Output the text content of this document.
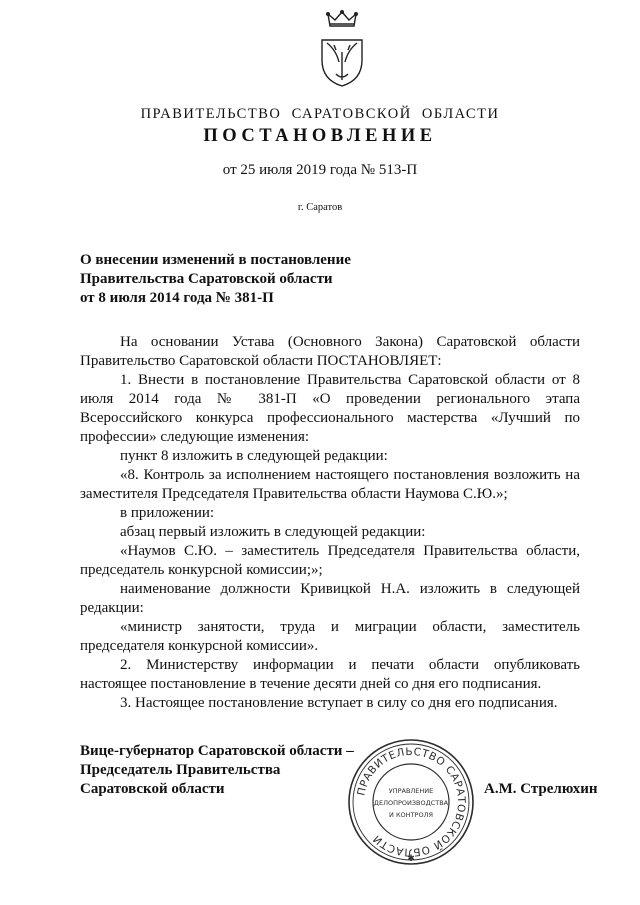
ПРАВИТЕЛЬСТВО  САРАТОВСКОЙ  ОБЛАСТИ
ПОСТАНОВЛЕНИЕ
от 25 июля 2019 года № 513-П
г. Саратов
О внесении изменений в постановление
Правительства Саратовской области
от 8 июля 2014 года № 381-П

На основании Устава (Основного Закона) Саратовской области Правительство Саратовской области ПОСТАНОВЛЯЕТ:

1. Внести в постановление Правительства Саратовской области от 8 июля 2014 года № 381-П «О проведении регионального этапа Всероссийского конкурса профессионального мастерства «Лучший по профессии» следующие изменения:

пункт 8 изложить в следующей редакции:

«8. Контроль за исполнением настоящего постановления возложить на заместителя Председателя Правительства области Наумова С.Ю.»;

в приложении:

абзац первый изложить в следующей редакции:

«Наумов С.Ю. – заместитель Председателя Правительства области, председатель конкурсной комиссии;»;

наименование должности Кривицкой Н.А. изложить в следующей редакции:

«министр занятости, труда и миграции области, заместитель председателя конкурсной комиссии».

2. Министерству информации и печати области опубликовать настоящее постановление в течение десяти дней со дня его подписания.

3. Настоящее постановление вступает в силу со дня его подписания.

Вице-губернатор Саратовской области –
Председатель Правительства
Саратовской области	А.М. Стрелюхин
ПРАВИТЕЛЬСТВО САРАТОВСКОЙ ОБЛАСТИ
УПРАВЛЕНИЕ
ДЕЛОПРОИЗВОДСТВА
И КОНТРОЛЯ
✱
